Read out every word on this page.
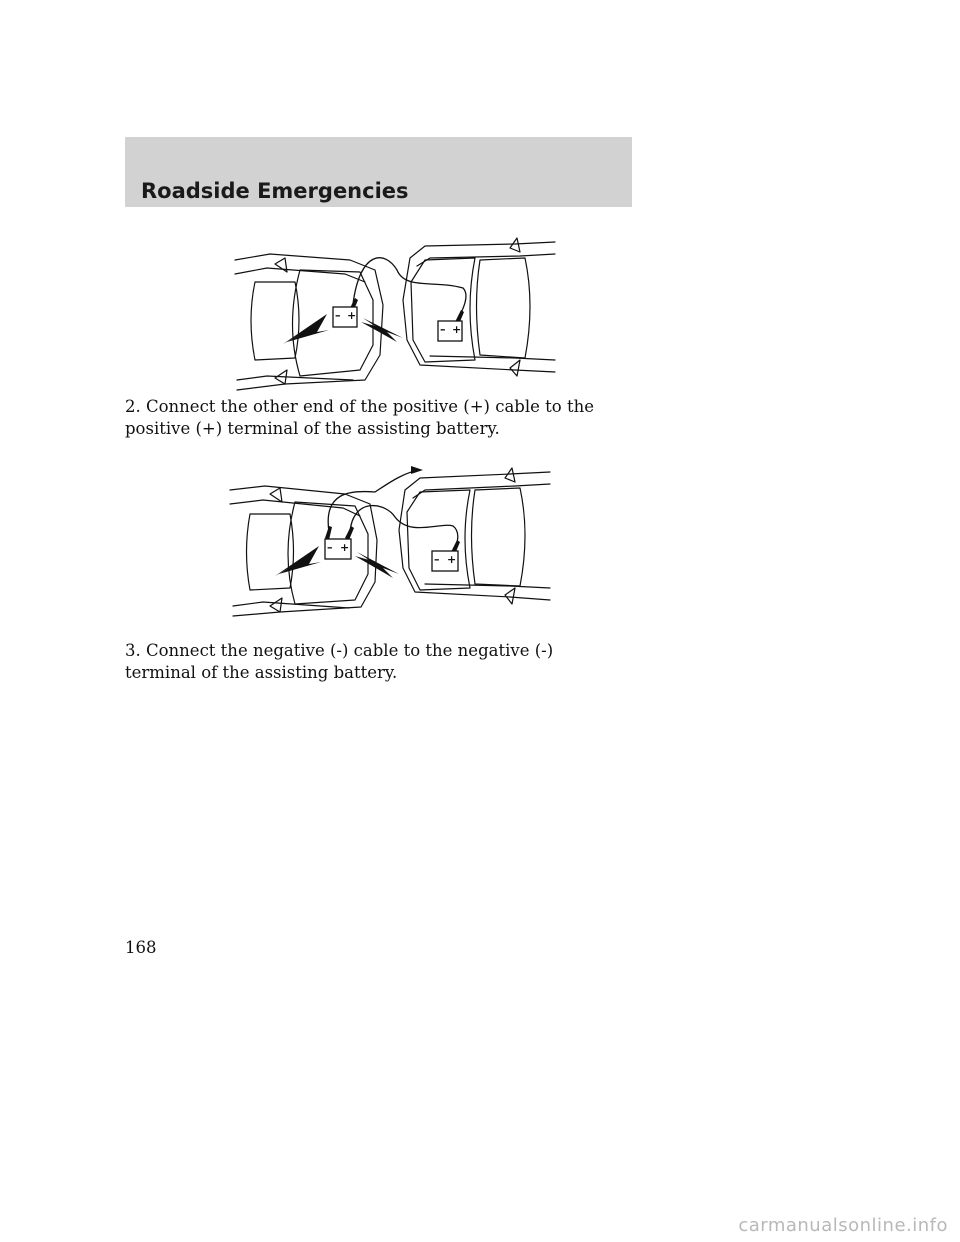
Roadside Emergencies
– +
– +

2. Connect the other end of the positive (+) cable to the positive (+) terminal of the assisting battery.

– +
– +

3. Connect the negative (-) cable to the negative (-) terminal of the assisting battery.

168

carmanualsonline.info
